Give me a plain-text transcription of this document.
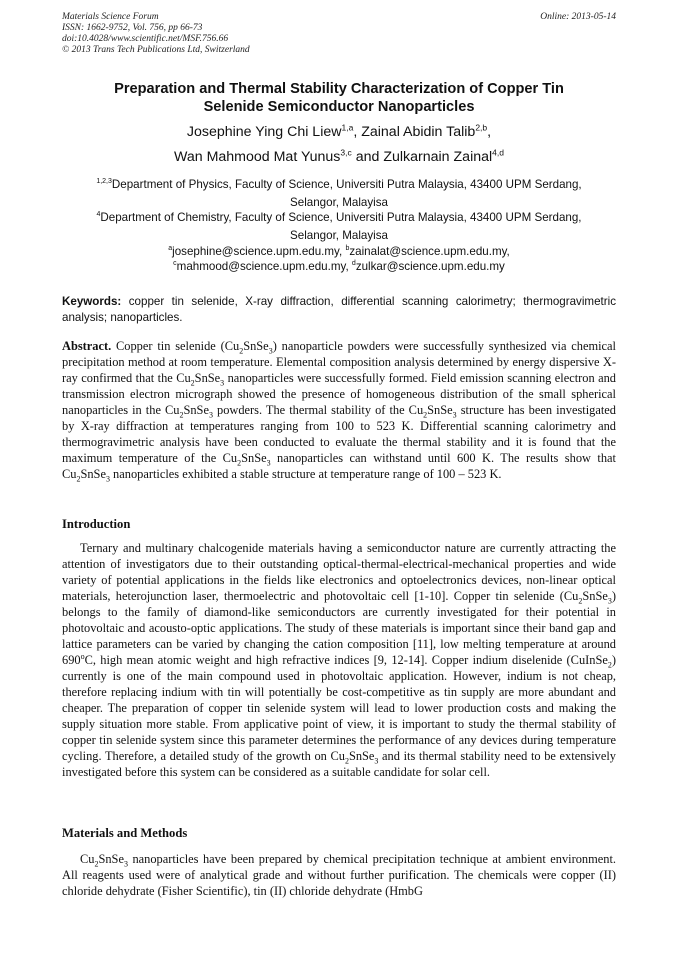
Materials Science Forum
ISSN: 1662-9752, Vol. 756, pp 66-73
doi:10.4028/www.scientific.net/MSF.756.66
© 2013 Trans Tech Publications Ltd, Switzerland
Online: 2013-05-14
Preparation and Thermal Stability Characterization of Copper Tin
Selenide Semiconductor Nanoparticles
Josephine Ying Chi Liew$^{1,a}$, Zainal Abidin Talib$^{2,b}$,
Wan Mahmood Mat Yunus$^{3,c}$ and Zulkarnain Zainal$^{4,d}$
$^{1,2,3}$Department of Physics, Faculty of Science, Universiti Putra Malaysia, 43400 UPM Serdang,
Selangor, Malayisa
$^4$Department of Chemistry, Faculty of Science, Universiti Putra Malaysia, 43400 UPM Serdang,
Selangor, Malayisa
$^a$josephine@science.upm.edu.my, $^b$zainalat@science.upm.edu.my,
$^c$mahmood@science.upm.edu.my, $^d$zulkar@science.upm.edu.my
Keywords: copper tin selenide, X-ray diffraction, differential scanning calorimetry; thermogravimetric analysis; nanoparticles.
Abstract. Copper tin selenide $(Cu_2SnSe_3)$ nanoparticle powders were successfully synthesized via chemical precipitation method at room temperature. Elemental composition analysis determined by energy dispersive X-ray confirmed that the $Cu_2SnSe_3$ nanoparticles were successfully formed. Field emission scanning electron and transmission electron micrograph showed the presence of homogeneous distribution of the small spherical nanoparticles in the $Cu_2SnSe_3$ powders. The thermal stability of the $Cu_2SnSe_3$ structure has been investigated by X-ray diffraction at temperatures ranging from 100 to 523 K. Differential scanning calorimetry and thermogravimetric analysis have been conducted to evaluate the thermal stability and it is found that the maximum temperature of the $Cu_2SnSe_3$ nanoparticles can withstand until 600 K. The results show that $Cu_2SnSe_3$ nanoparticles exhibited a stable structure at temperature range of 100 – 523 K.
Introduction
Ternary and multinary chalcogenide materials having a semiconductor nature are currently attracting the attention of investigators due to their outstanding optical-thermal-electrical-mechanical properties and wide variety of potential applications in the fields like electronics and optoelectronics devices, non-linear optical materials, heterojunction laser, thermoelectric and photovoltaic cell [1-10]. Copper tin selenide $(Cu_2SnSe_3)$ belongs to the family of diamond-like semiconductors are currently investigated for their potential in photovoltaic and acousto-optic applications. The study of these materials is important since their band gap and lattice parameters can be varied by changing the cation composition [11], low melting temperature at around 690$^o$C, high mean atomic weight and high refractive indices [9, 12-14]. Copper indium diselenide (CuInSe$_2$) currently is one of the main compound used in photovoltaic application. However, indium is not cheap, therefore replacing indium with tin will potentially be cost-competitive as tin supply are more abundant and cheaper. The preparation of copper tin selenide system will lead to lower production costs and making the supply situation more stable. From applicative point of view, it is important to study the thermal stability of copper tin selenide system since this parameter determines the performance of any devices during temperature cycling. Therefore, a detailed study of the growth on $Cu_2SnSe_3$ and its thermal stability need to be extensively investigated before this system can be considered as a suitable candidate for solar cell.
Materials and Methods
$Cu_2SnSe_3$ nanoparticles have been prepared by chemical precipitation technique at ambient environment. All reagents used were of analytical grade and without further purification. The chemicals were copper (II) chloride dehydrate (Fisher Scientific), tin (II) chloride dehydrate (HmbG
